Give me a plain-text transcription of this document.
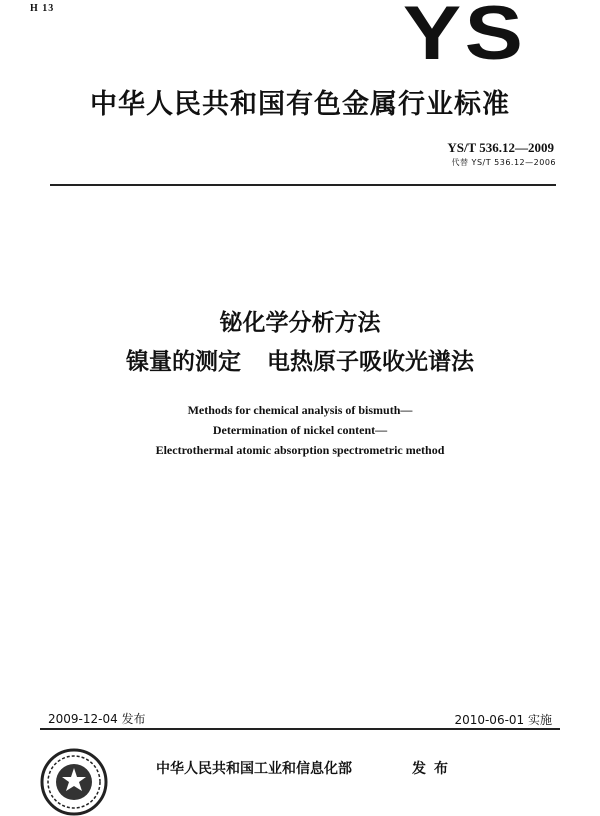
H 13	YS
中华人民共和国有色金属行业标准
YS/T 536.12—2009
代替 YS/T 536.12—2006
铋化学分析方法
镍量的测定 电热原子吸收光谱法
Methods for chemical analysis of bismuth—
Determination of nickel content—
Electrothermal atomic absorption spectrometric method
2009-12-04 发布	2010-06-01 实施
中华人民共和国工业和信息化部	发布
